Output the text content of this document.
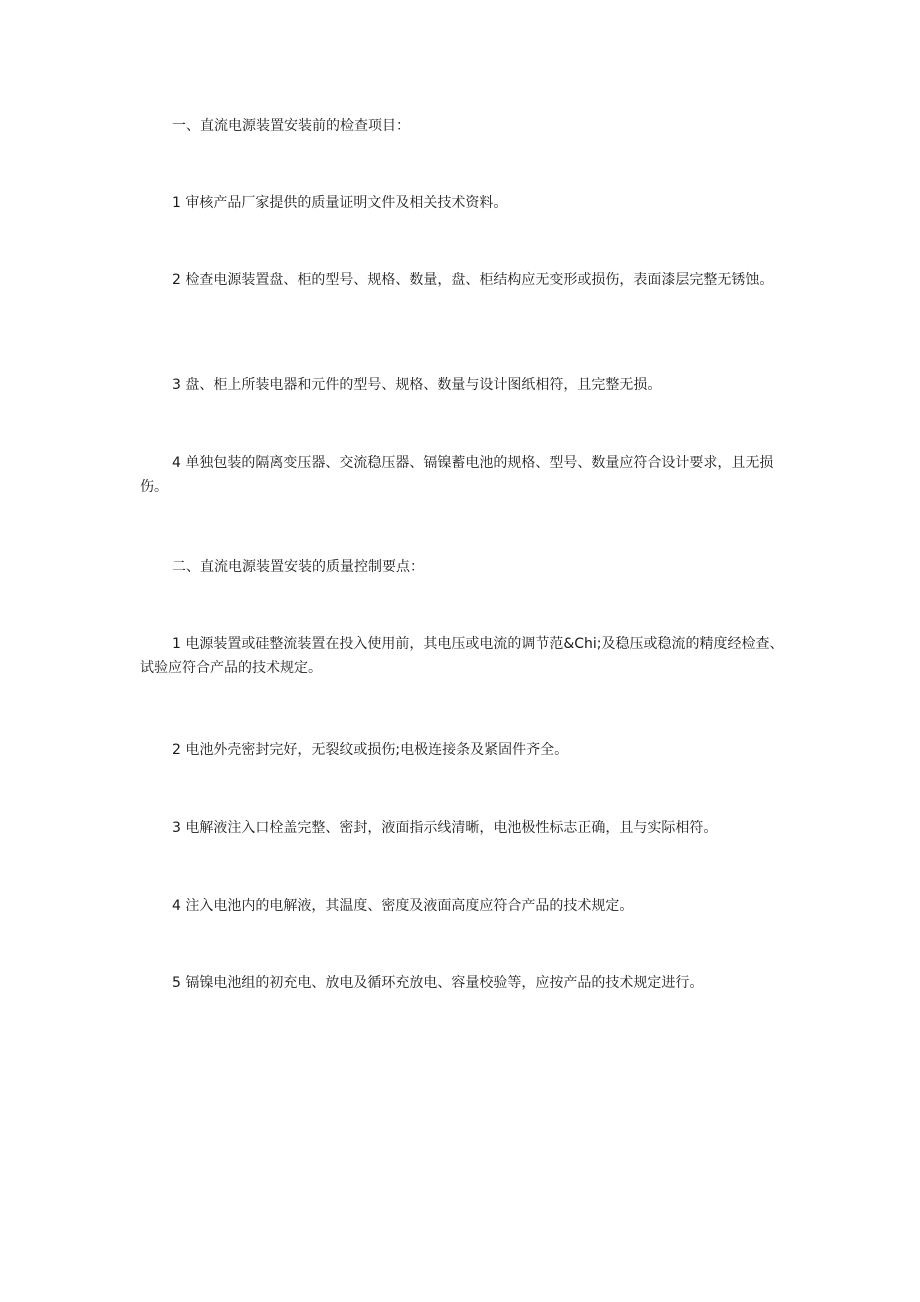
一、直流电源装置安装前的检查项目：

1 审核产品厂家提供的质量证明文件及相关技术资料。

2 检查电源装置盘、柜的型号、规格、数量，盘、柜结构应无变形或损伤，表面漆层完整无锈蚀。

3 盘、柜上所装电器和元件的型号、规格、数量与设计图纸相符，且完整无损。

4 单独包装的隔离变压器、交流稳压器、镉镍蓄电池的规格、型号、数量应符合设计要求，且无损伤。

二、直流电源装置安装的质量控制要点：

1 电源装置或硅整流装置在投入使用前，其电压或电流的调节范&Chi;及稳压或稳流的精度经检查、试验应符合产品的技术规定。

2 电池外壳密封完好，无裂纹或损伤;电极连接条及紧固件齐全。

3 电解液注入口栓盖完整、密封，液面指示线清晰，电池极性标志正确，且与实际相符。

4 注入电池内的电解液，其温度、密度及液面高度应符合产品的技术规定。

5 镉镍电池组的初充电、放电及循环充放电、容量校验等，应按产品的技术规定进行。
